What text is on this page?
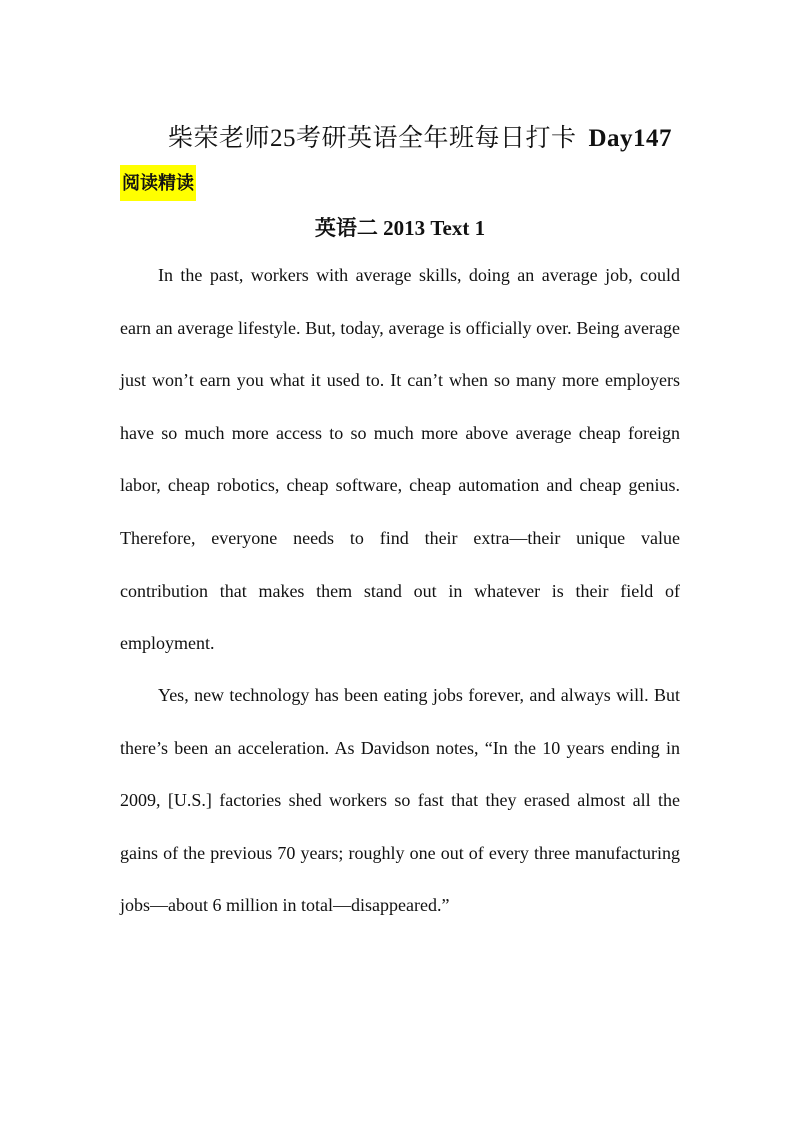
柴荣老师25考研英语全年班每日打卡 Day147
阅读精读
英语二 2013 Text 1

In the past, workers with average skills, doing an average job, could earn an average lifestyle. But, today, average is officially over. Being average just won’t earn you what it used to. It can’t when so many more employers have so much more access to so much more above average cheap foreign labor, cheap robotics, cheap software, cheap automation and cheap genius. Therefore, everyone needs to find their extra—their unique value contribution that makes them stand out in whatever is their field of employment.

Yes, new technology has been eating jobs forever, and always will. But there’s been an acceleration. As Davidson notes, “In the 10 years ending in 2009, [U.S.] factories shed workers so fast that they erased almost all the gains of the previous 70 years; roughly one out of every three manufacturing jobs—about 6 million in total—disappeared.”
